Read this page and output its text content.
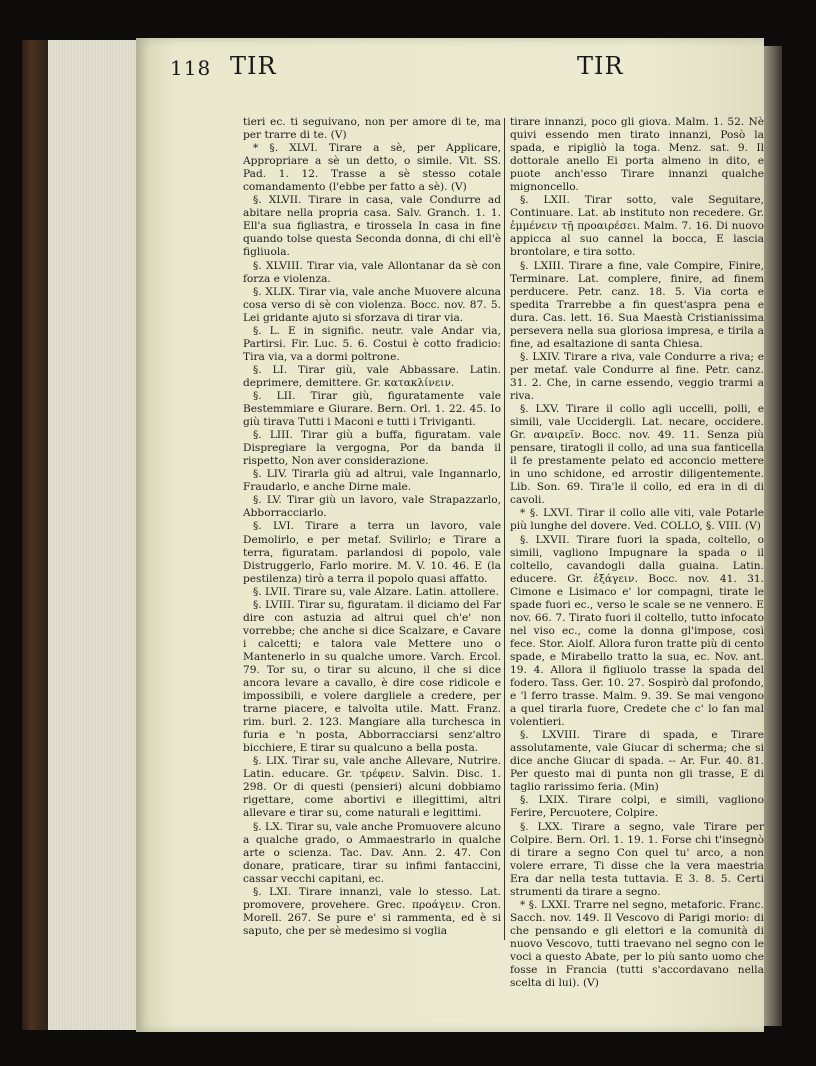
118 TIR	TIR

tieri ec. ti seguivano, non per amore di te, ma per trarre di te. (V)

* §. XLVI. Tirare a sè, per Applicare, Appropriare a sè un detto, o simile. Vit. SS. Pad. 1. 12. Trasse a sè stesso cotale comandamento (l'ebbe per fatto a sè). (V)

§. XLVII. Tirare in casa, vale Condurre ad abitare nella propria casa. Salv. Granch. 1. 1. Ell'a sua figliastra, e tirossela In casa in fine quando tolse questa Seconda donna, di chi ell'è figliuola.

§. XLVIII. Tirar via, vale Allontanar da sè con forza e violenza.

§. XLIX. Tirar via, vale anche Muovere alcuna cosa verso di sè con violenza. Bocc. nov. 87. 5. Lei gridante ajuto si sforzava di tirar via.

§. L. E in signific. neutr. vale Andar via, Partirsi. Fir. Luc. 5. 6. Costui è cotto fradicio: Tira via, va a dormi poltrone.

§. LI. Tirar giù, vale Abbassare. Latin. deprimere, demittere. Gr. κατακλίνειν.

§. LII. Tirar giù, figuratamente vale Bestemmiare e Giurare. Bern. Orl. 1. 22. 45. Io giù tirava Tutti i Maconi e tutti i Triviganti.

§. LIII. Tirar giù a buffa, figuratam. vale Dispregiare la vergogna, Por da banda il rispetto, Non aver considerazione.

§. LIV. Tirarla giù ad altrui, vale Ingannarlo, Fraudarlo, e anche Dirne male.

§. LV. Tirar giù un lavoro, vale Strapazzarlo, Abborracciarlo.

§. LVI. Tirare a terra un lavoro, vale Demolirlo, e per metaf. Svilirlo; e Tirare a terra, figuratam. parlandosi di popolo, vale Distruggerlo, Farlo morire. M. V. 10. 46. E (la pestilenza) tirò a terra il popolo quasi affatto.

§. LVII. Tirare su, vale Alzare. Latin. attollere.

§. LVIII. Tirar su, figuratam. il diciamo del Far dire con astuzia ad altrui quel ch'e' non vorrebbe; che anche si dice Scalzare, e Cavare i calcetti; e talora vale Mettere uno o Mantenerlo in su qualche umore. Varch. Ercol. 79. Tor su, o tirar su alcuno, il che si dice ancora levare a cavallo, è dire cose ridicole e impossibili, e volere dargliele a credere, per trarne piacere, e talvolta utile. Matt. Franz. rim. burl. 2. 123. Mangiare alla turchesca in furia e 'n posta, Abborracciarsi senz'altro bicchiere, E tirar su qualcuno a bella posta.

§. LIX. Tirar su, vale anche Allevare, Nutrire. Latin. educare. Gr. τρέφειν. Salvin. Disc. 1. 298. Or di questi (pensieri) alcuni dobbiamo rigettare, come abortivi e illegittimi, altri allevare e tirar su, come naturali e legittimi.

§. LX. Tirar su, vale anche Promuovere alcuno a qualche grado, o Ammaestrarlo in qualche arte o scienza. Tac. Dav. Ann. 2. 47. Con donare, praticare, tirar su infimi fantaccini, cassar vecchi capitani, ec.

§. LXI. Tirare innanzi, vale lo stesso. Lat. promovere, provehere. Grec. προάγειν. Cron. Morell. 267. Se pure e' si rammenta, ed è si saputo, che per sè medesimo si voglia

tirare innanzi, poco gli giova. Malm. 1. 52. Nè quivi essendo men tirato innanzi, Posò la spada, e ripigliò la toga. Menz. sat. 9. Il dottorale anello Ei porta almeno in dito, e puote anch'esso Tirare innanzi qualche mignoncello.

§. LXII. Tirar sotto, vale Seguitare, Continuare. Lat. ab instituto non recedere. Gr. ἐμμένειν τῇ προαιρέσει. Malm. 7. 16. Di nuovo appicca al suo cannel la bocca, E lascia brontolare, e tira sotto.

§. LXIII. Tirare a fine, vale Compire, Finire, Terminare. Lat. complere, finire, ad finem perducere. Petr. canz. 18. 5. Via corta e spedita Trarrebbe a fin quest'aspra pena e dura. Cas. lett. 16. Sua Maestà Cristianissima persevera nella sua gloriosa impresa, e tirila a fine, ad esaltazione di santa Chiesa.

§. LXIV. Tirare a riva, vale Condurre a riva; e per metaf. vale Condurre al fine. Petr. canz. 31. 2. Che, in carne essendo, veggio trarmi a riva.

§. LXV. Tirare il collo agli uccelli, polli, e simili, vale Uccidergli. Lat. necare, occidere. Gr. αναιρεῖν. Bocc. nov. 49. 11. Senza più pensare, tiratogli il collo, ad una sua fanticella il fe prestamente pelato ed acconcio mettere in uno schidone, ed arrostir diligentemente. Lib. Son. 69. Tira'le il collo, ed era in di di cavoli.

* §. LXVI. Tirar il collo alle viti, vale Potarle più lunghe del dovere. Ved. COLLO, §. VIII. (V)

§. LXVII. Tirare fuori la spada, coltello, o simili, vagliono Impugnare la spada o il coltello, cavandogli dalla guaina. Latin. educere. Gr. ἐξάγειν. Bocc. nov. 41. 31. Cimone e Lisimaco e' lor compagni, tirate le spade fuori ec., verso le scale se ne vennero. E nov. 66. 7. Tirato fuori il coltello, tutto infocato nel viso ec., come la donna gl'impose, così fece. Stor. Aiolf. Allora furon tratte più di cento spade, e Mirabello tratto la sua, ec. Nov. ant. 19. 4. Allora il figliuolo trasse la spada del fodero. Tass. Ger. 10. 27. Sospirò dal profondo, e 'l ferro trasse. Malm. 9. 39. Se mai vengono a quel tirarla fuore, Credete che c' lo fan mal volentieri.

§. LXVIII. Tirare di spada, e Tirare assolutamente, vale Giucar di scherma; che si dice anche Giucar di spada. -- Ar. Fur. 40. 81. Per questo mai di punta non gli trasse, E di taglio rarissimo feria. (Min)

§. LXIX. Tirare colpi, e simili, vagliono Ferire, Percuotere, Colpire.

§. LXX. Tirare a segno, vale Tirare per Colpire. Bern. Orl. 1. 19. 1. Forse chi t'insegnò di tirare a segno Con quel tu' arco, a non volere errare, Ti disse che la vera maestria Era dar nella testa tuttavia. E 3. 8. 5. Certi strumenti da tirare a segno.

* §. LXXI. Trarre nel segno, metaforic. Franc. Sacch. nov. 149. Il Vescovo di Parigi morio: di che pensando e gli elettori e la comunità di nuovo Vescovo, tutti traevano nel segno con le voci a questo Abate, per lo più santo uomo che fosse in Francia (tutti s'accordavano nella scelta di lui). (V)
